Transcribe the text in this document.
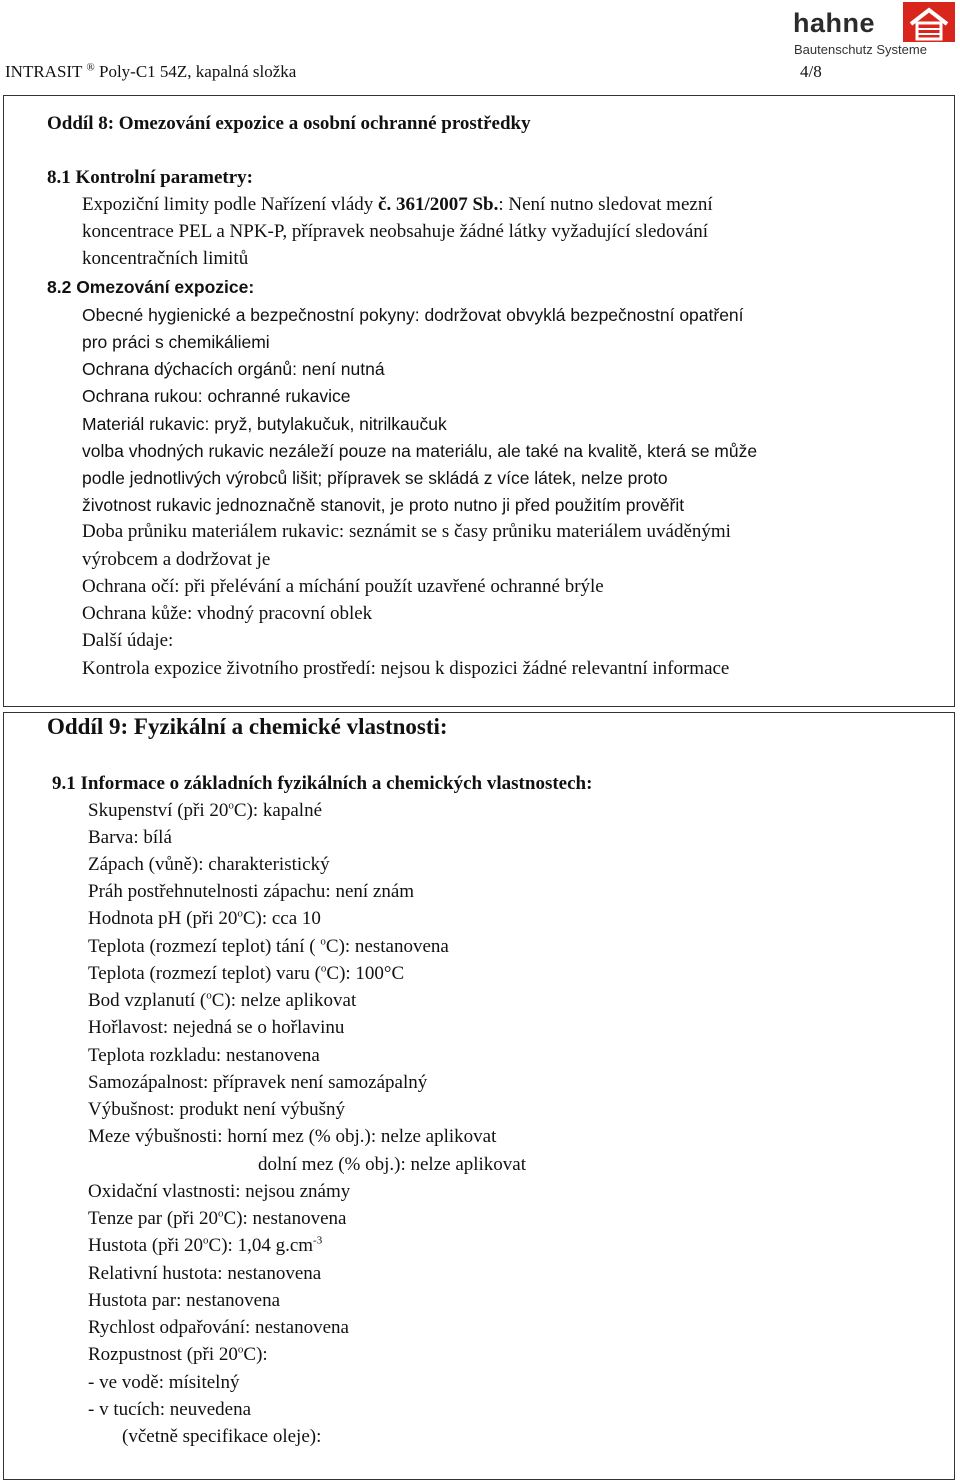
INTRASIT ® Poly-C1 54Z, kapalná složka	4/8
hahne
Bautenschutz Systeme
Oddíl 8: Omezování expozice a osobní ochranné prostředky
8.1 Kontrolní parametry:
Expoziční limity podle Nařízení vlády č. 361/2007 Sb.: Není nutno sledovat mezní
koncentrace PEL a NPK-P, přípravek neobsahuje žádné látky vyžadující sledování
koncentračních limitů
8.2 Omezování expozice:
Obecné hygienické a bezpečnostní pokyny: dodržovat obvyklá bezpečnostní opatření
pro práci s chemikáliemi
Ochrana dýchacích orgánů: není nutná
Ochrana rukou: ochranné rukavice
Materiál rukavic: pryž, butylakučuk, nitrilkaučuk
volba vhodných rukavic nezáleží pouze na materiálu, ale také na kvalitě, která se může
podle jednotlivých výrobců lišit; přípravek se skládá z více látek, nelze proto
životnost rukavic jednoznačně stanovit, je proto nutno ji před použitím prověřit
Doba průniku materiálem rukavic: seznámit se s časy průniku materiálem uváděnými
výrobcem a dodržovat je
Ochrana očí: při přelévání a míchání použít uzavřené ochranné brýle
Ochrana kůže: vhodný pracovní oblek
Další údaje:
Kontrola expozice životního prostředí: nejsou k dispozici žádné relevantní informace
Oddíl 9: Fyzikální a chemické vlastnosti:
9.1 Informace o základních fyzikálních a chemických vlastnostech:
Skupenství (při 20$^o$C): kapalné
Barva: bílá
Zápach (vůně): charakteristický
Práh postřehnutelnosti zápachu: není znám
Hodnota pH (při 20$^o$C): cca 10
Teplota (rozmezí teplot) tání ( $^o$C): nestanovena
Teplota (rozmezí teplot) varu ($^o$C): 100°C
Bod vzplanutí ($^o$C): nelze aplikovat
Hořlavost: nejedná se o hořlavinu
Teplota rozkladu: nestanovena
Samozápalnost: přípravek není samozápalný
Výbušnost: produkt není výbušný
Meze výbušnosti: horní mez (% obj.): nelze aplikovat
dolní mez (% obj.): nelze aplikovat
Oxidační vlastnosti: nejsou známy
Tenze par (při 20$^o$C): nestanovena
Hustota (při 20$^o$C): 1,04 $g.cm^{-3}$
Relativní hustota: nestanovena
Hustota par: nestanovena
Rychlost odpařování: nestanovena
Rozpustnost (při 20$^o$C):
- ve vodě: mísitelný
- v tucích: neuvedena
(včetně specifikace oleje):
